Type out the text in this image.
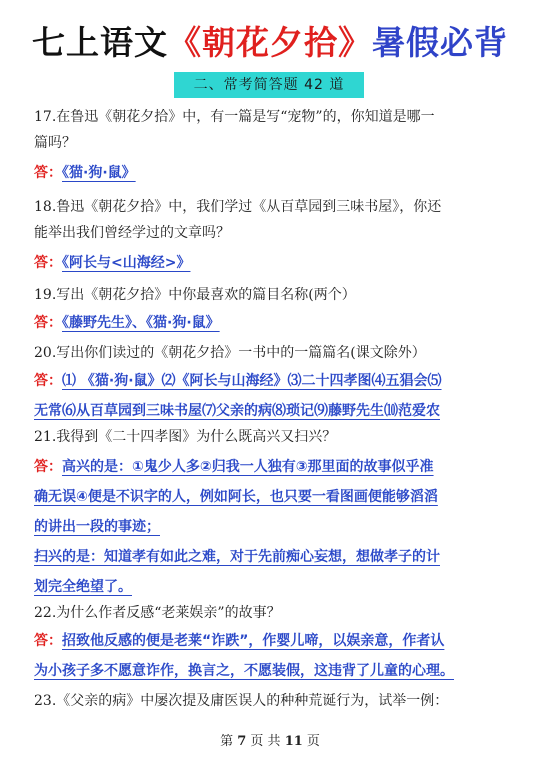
七上语文《朝花夕拾》暑假必背
二、常考简答题 42 道
17.在鲁迅《朝花夕拾》中，有一篇是写“宠物”的，你知道是哪一
篇吗？
答：《猫·狗·鼠》
18.鲁迅《朝花夕拾》中，我们学过《从百草园到三味书屋》，你还
能举出我们曾经学过的文章吗？
答：《阿长与<山海经>》
19.写出《朝花夕拾》中你最喜欢的篇目名称(两个）
答：《藤野先生》、《猫·狗·鼠》
20.写出你们读过的《朝花夕拾》一书中的一篇篇名(课文除外）
答：⑴ 《猫·狗·鼠》⑵《阿长与山海经》⑶二十四孝图⑷五猖会⑸
无常⑹从百草园到三味书屋⑺父亲的病⑻琐记⑼藤野先生⑽范爱农
21.我得到《二十四孝图》为什么既高兴又扫兴？
答：高兴的是：①鬼少人多②归我一人独有③那里面的故事似乎准
确无误④便是不识字的人，例如阿长，也只要一看图画便能够滔滔
的讲出一段的事迹；
扫兴的是：知道孝有如此之难，对于先前痴心妄想，想做孝子的计
划完全绝望了。
22.为什么作者反感“老莱娱亲”的故事？
答：招致他反感的便是老莱“诈跌”，作婴儿啼，以娱亲意，作者认
为小孩子多不愿意诈作，换言之，不愿装假，这违背了儿童的心理。
23.《父亲的病》中屡次提及庸医误人的种种荒诞行为，试举一例：
第 7 页 共 11 页
